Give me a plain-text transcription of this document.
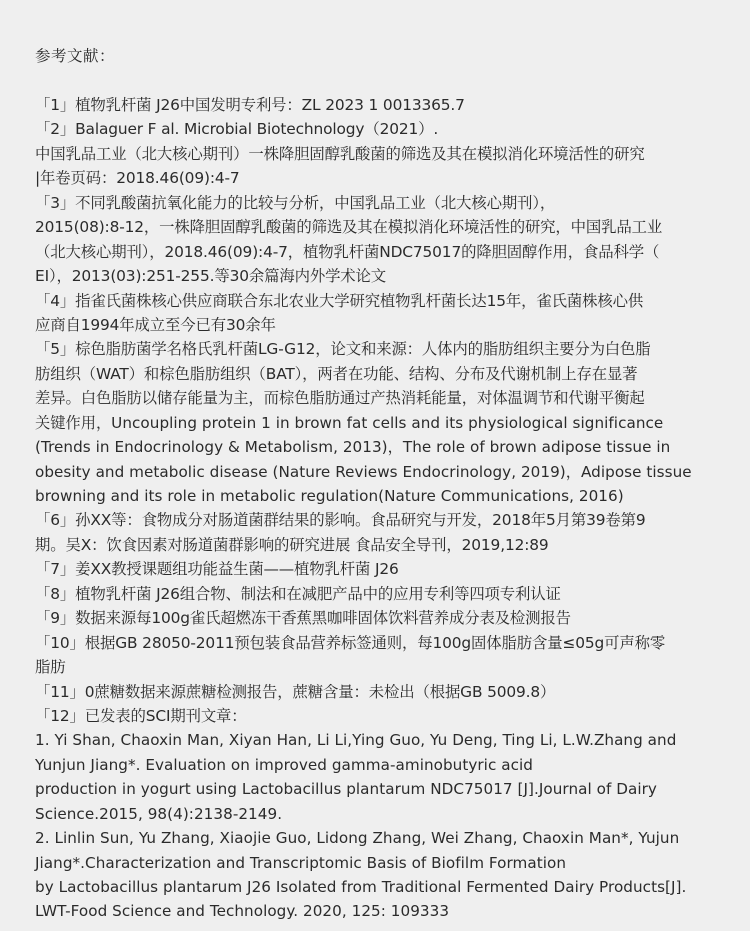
参考文献：
「1」植物乳杆菌 J26中国发明专利号：ZL 2023 1 0013365.7
「2」Balaguer F al. Microbial Biotechnology（2021）.
中国乳品工业（北大核心期刊）一株降胆固醇乳酸菌的筛选及其在模拟消化环境活性的研究
|年卷页码：2018.46(09):4-7
「3」不同乳酸菌抗氧化能力的比较与分析，中国乳品工业（北大核心期刊），
2015(08):8-12，一株降胆固醇乳酸菌的筛选及其在模拟消化环境活性的研究，中国乳品工业
（北大核心期刊），2018.46(09):4-7，植物乳杆菌NDC75017的降胆固醇作用，食品科学（
EI），2013(03):251-255.等30余篇海内外学术论文
「4」指雀氏菌株核心供应商联合东北农业大学研究植物乳杆菌长达15年，雀氏菌株核心供
应商自1994年成立至今已有30余年
「5」棕色脂肪菌学名格氏乳杆菌LG-G12，论文和来源：人体内的脂肪组织主要分为白色脂
肪组织（WAT）和棕色脂肪组织（BAT），两者在功能、结构、分布及代谢机制上存在显著
差异。白色脂肪以储存能量为主，而棕色脂肪通过产热消耗能量，对体温调节和代谢平衡起
关键作用，Uncoupling protein 1 in brown fat cells and its physiological significance
(Trends in Endocrinology & Metabolism, 2013)，The role of brown adipose tissue in
obesity and metabolic disease (Nature Reviews Endocrinology, 2019)，Adipose tissue
browning and its role in metabolic regulation(Nature Communications, 2016)
「6」孙XX等：食物成分对肠道菌群结果的影响。食品研究与开发，2018年5月第39卷第9
期。吴X：饮食因素对肠道菌群影响的研究进展 食品安全导刊，2019,12:89
「7」姜XX教授课题组功能益生菌——植物乳杆菌 J26
「8」植物乳杆菌 J26组合物、制法和在减肥产品中的应用专利等四项专利认证
「9」数据来源每100g雀氏超燃冻干香蕉黑咖啡固体饮料营养成分表及检测报告
「10」根据GB 28050-2011预包装食品营养标签通则，每100g固体脂肪含量≤05g可声称零
脂肪
「11」0蔗糖数据来源蔗糖检测报告，蔗糖含量：未检出（根据GB 5009.8）
「12」已发表的SCI期刊文章：
1. Yi Shan, Chaoxin Man, Xiyan Han, Li Li,Ying Guo, Yu Deng, Ting Li, L.W.Zhang and
Yunjun Jiang*. Evaluation on improved gamma-aminobutyric acid
production in yogurt using Lactobacillus plantarum NDC75017 [J].Journal of Dairy
Science.2015, 98(4):2138-2149.
2. Linlin Sun, Yu Zhang, Xiaojie Guo, Lidong Zhang, Wei Zhang, Chaoxin Man*, Yujun
Jiang*.Characterization and Transcriptomic Basis of Biofilm Formation
by Lactobacillus plantarum J26 Isolated from Traditional Fermented Dairy Products[J].
LWT-Food Science and Technology. 2020, 125: 109333
